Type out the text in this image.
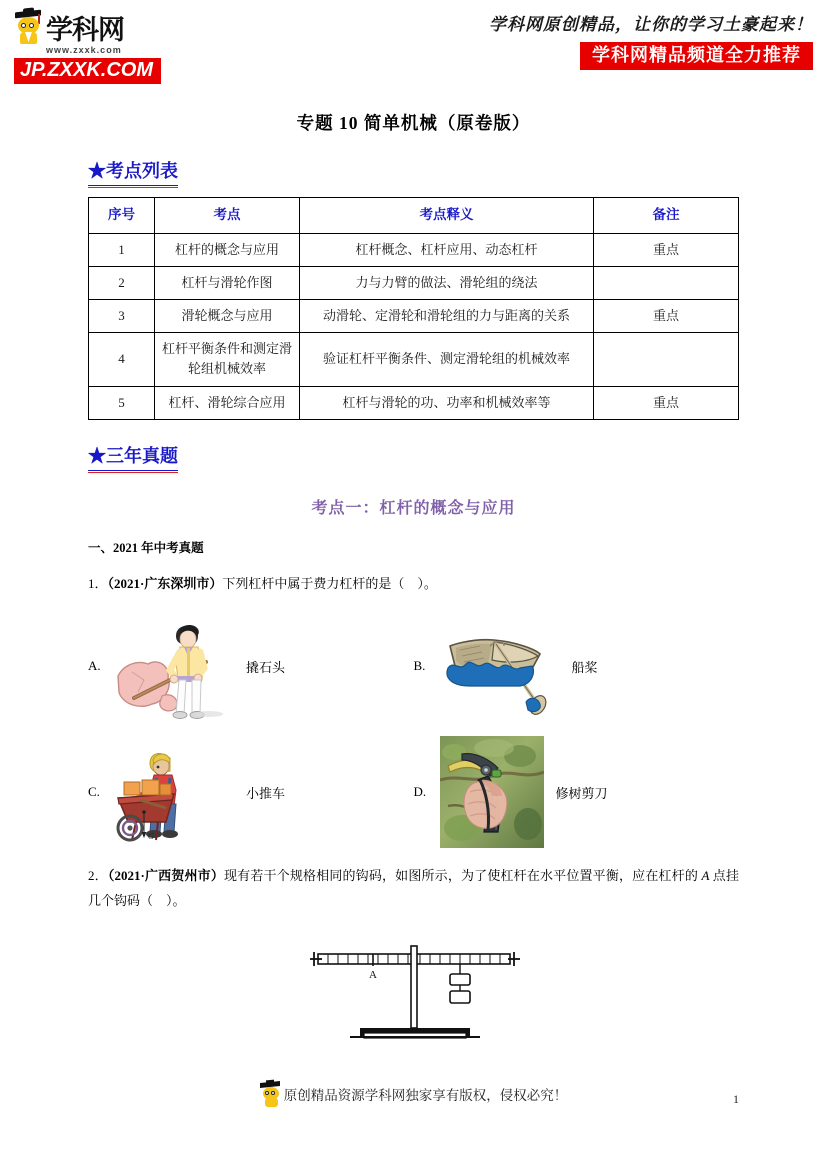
学科网
www.zxxk.com
JP.ZXXK.COM
学科网原创精品，让你的学习土豪起来！
学科网精品频道全力推荐
专题 10 简单机械（原卷版）
★考点列表
序号	考点	考点释义	备注
1	杠杆的概念与应用	杠杆概念、杠杆应用、动态杠杆	重点
2	杠杆与滑轮作图	力与力臂的做法、滑轮组的绕法	
3	滑轮概念与应用	动滑轮、定滑轮和滑轮组的力与距离的关系	重点
4	杠杆平衡条件和测定滑轮组机械效率	验证杠杆平衡条件、测定滑轮组的机械效率	
5	杠杆、滑轮综合应用	杠杆与滑轮的功、功率和机械效率等	重点
★三年真题
考点一：杠杆的概念与应用
一、2021 年中考真题
1．（2021·广东深圳市）下列杠杆中属于费力杠杆的是（　）。
A.	撬石头	B.	船桨
C.
G
小推车	D.	修树剪刀
2．（2021·广西贺州市）现有若干个规格相同的钩码，如图所示，为了使杠杆在水平位置平衡，应在杠杆的 A 点挂几个钩码（　）。
A
原创精品资源学科网独家享有版权，侵权必究！	1
